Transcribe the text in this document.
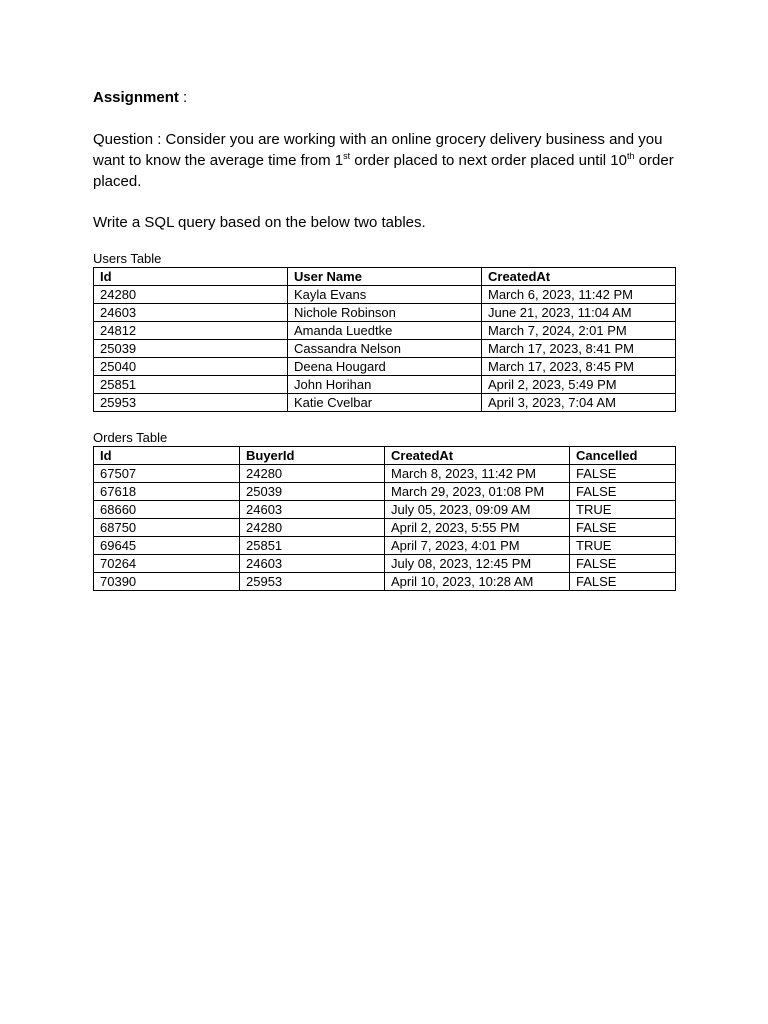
Assignment :

Question : Consider you are working with an online grocery delivery business and you want to know the average time from 1st order placed to next order placed until 10th order placed.
Write a SQL query based on the below two tables.
Users Table
Id	User Name	CreatedAt
24280	Kayla Evans	March 6, 2023, 11:42 PM
24603	Nichole Robinson	June 21, 2023, 11:04 AM
24812	Amanda Luedtke	March 7, 2024, 2:01 PM
25039	Cassandra Nelson	March 17, 2023, 8:41 PM
25040	Deena Hougard	March 17, 2023, 8:45 PM
25851	John Horihan	April 2, 2023, 5:49 PM
25953	Katie Cvelbar	April 3, 2023, 7:04 AM
Orders Table
Id	BuyerId	CreatedAt	Cancelled
67507	24280	March 8, 2023, 11:42 PM	FALSE
67618	25039	March 29, 2023, 01:08 PM	FALSE
68660	24603	July 05, 2023, 09:09 AM	TRUE
68750	24280	April 2, 2023, 5:55 PM	FALSE
69645	25851	April 7, 2023, 4:01 PM	TRUE
70264	24603	July 08, 2023, 12:45 PM	FALSE
70390	25953	April 10, 2023, 10:28 AM	FALSE
